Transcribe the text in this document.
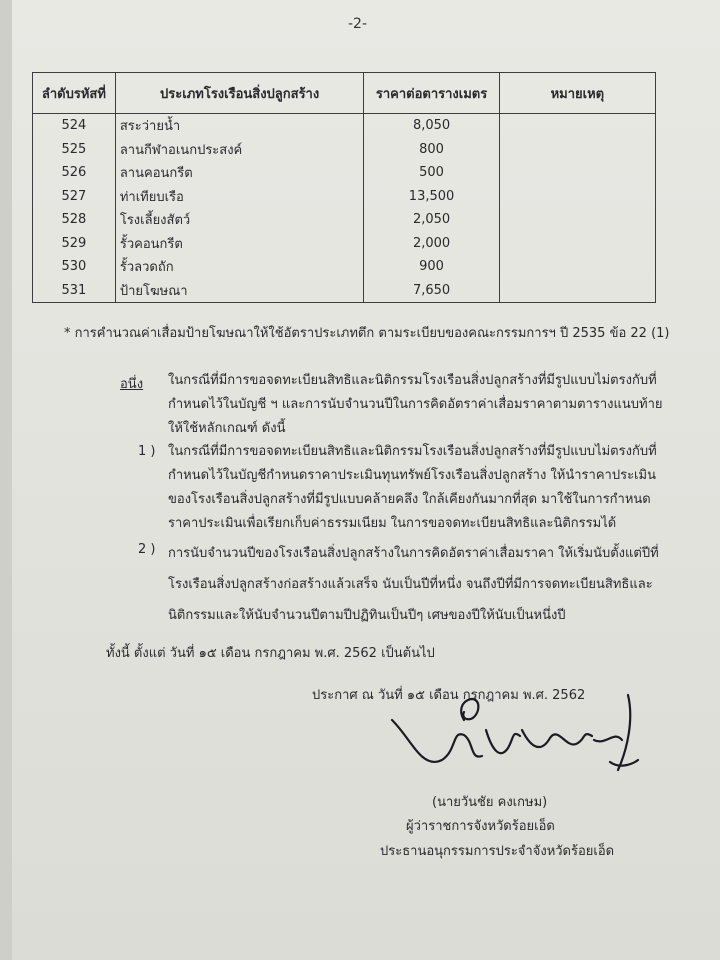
-2-
ลำดับรหัสที่	ประเภทโรงเรือนสิ่งปลูกสร้าง	ราคาต่อตารางเมตร	หมายเหตุ
524	สระว่ายน้ำ	8,050	
525	ลานกีฬาอเนกประสงค์	800	
526	ลานคอนกรีต	500	
527	ท่าเทียบเรือ	13,500	
528	โรงเลี้ยงสัตว์	2,050	
529	รั้วคอนกรีต	2,000	
530	รั้วลวดถัก	900	
531	ป้ายโฆษณา	7,650	
* การคำนวณค่าเสื่อมป้ายโฆษณาให้ใช้อัตราประเภทตึก ตามระเบียบของคณะกรรมการฯ ปี 2535 ข้อ 22 (1)
อนึ่ง ในกรณีที่มีการขอจดทะเบียนสิทธิและนิติกรรมโรงเรือนสิ่งปลูกสร้างที่มีรูปแบบไม่ตรงกับที่
กำหนดไว้ในบัญชี ฯ และการนับจำนวนปีในการคิดอัตราค่าเสื่อมราคาตามตารางแนบท้าย
ให้ใช้หลักเกณฑ์ ดังนี้
1 ) ในกรณีที่มีการขอจดทะเบียนสิทธิและนิติกรรมโรงเรือนสิ่งปลูกสร้างที่มีรูปแบบไม่ตรงกับที่
กำหนดไว้ในบัญชีกำหนดราคาประเมินทุนทรัพย์โรงเรือนสิ่งปลูกสร้าง ให้นำราคาประเมิน
ของโรงเรือนสิ่งปลูกสร้างที่มีรูปแบบคล้ายคลึง ใกล้เคียงกันมากที่สุด มาใช้ในการกำหนด
ราคาประเมินเพื่อเรียกเก็บค่าธรรมเนียม ในการขอจดทะเบียนสิทธิและนิติกรรมได้
2 ) การนับจำนวนปีของโรงเรือนสิ่งปลูกสร้างในการคิดอัตราค่าเสื่อมราคา ให้เริ่มนับตั้งแต่ปีที่
โรงเรือนสิ่งปลูกสร้างก่อสร้างแล้วเสร็จ นับเป็นปีที่หนึ่ง จนถึงปีที่มีการจดทะเบียนสิทธิและ
นิติกรรมและให้นับจำนวนปีตามปีปฏิทินเป็นปีๆ เศษของปีให้นับเป็นหนึ่งปี
ทั้งนี้ ตั้งแต่ วันที่ ๑๕ เดือน กรกฎาคม พ.ศ. 2562 เป็นต้นไป
ประกาศ ณ วันที่ ๑๕ เดือน กรกฎาคม พ.ศ. 2562
(นายวันชัย คงเกษม)
ผู้ว่าราชการจังหวัดร้อยเอ็ด
ประธานอนุกรรมการประจำจังหวัดร้อยเอ็ด
